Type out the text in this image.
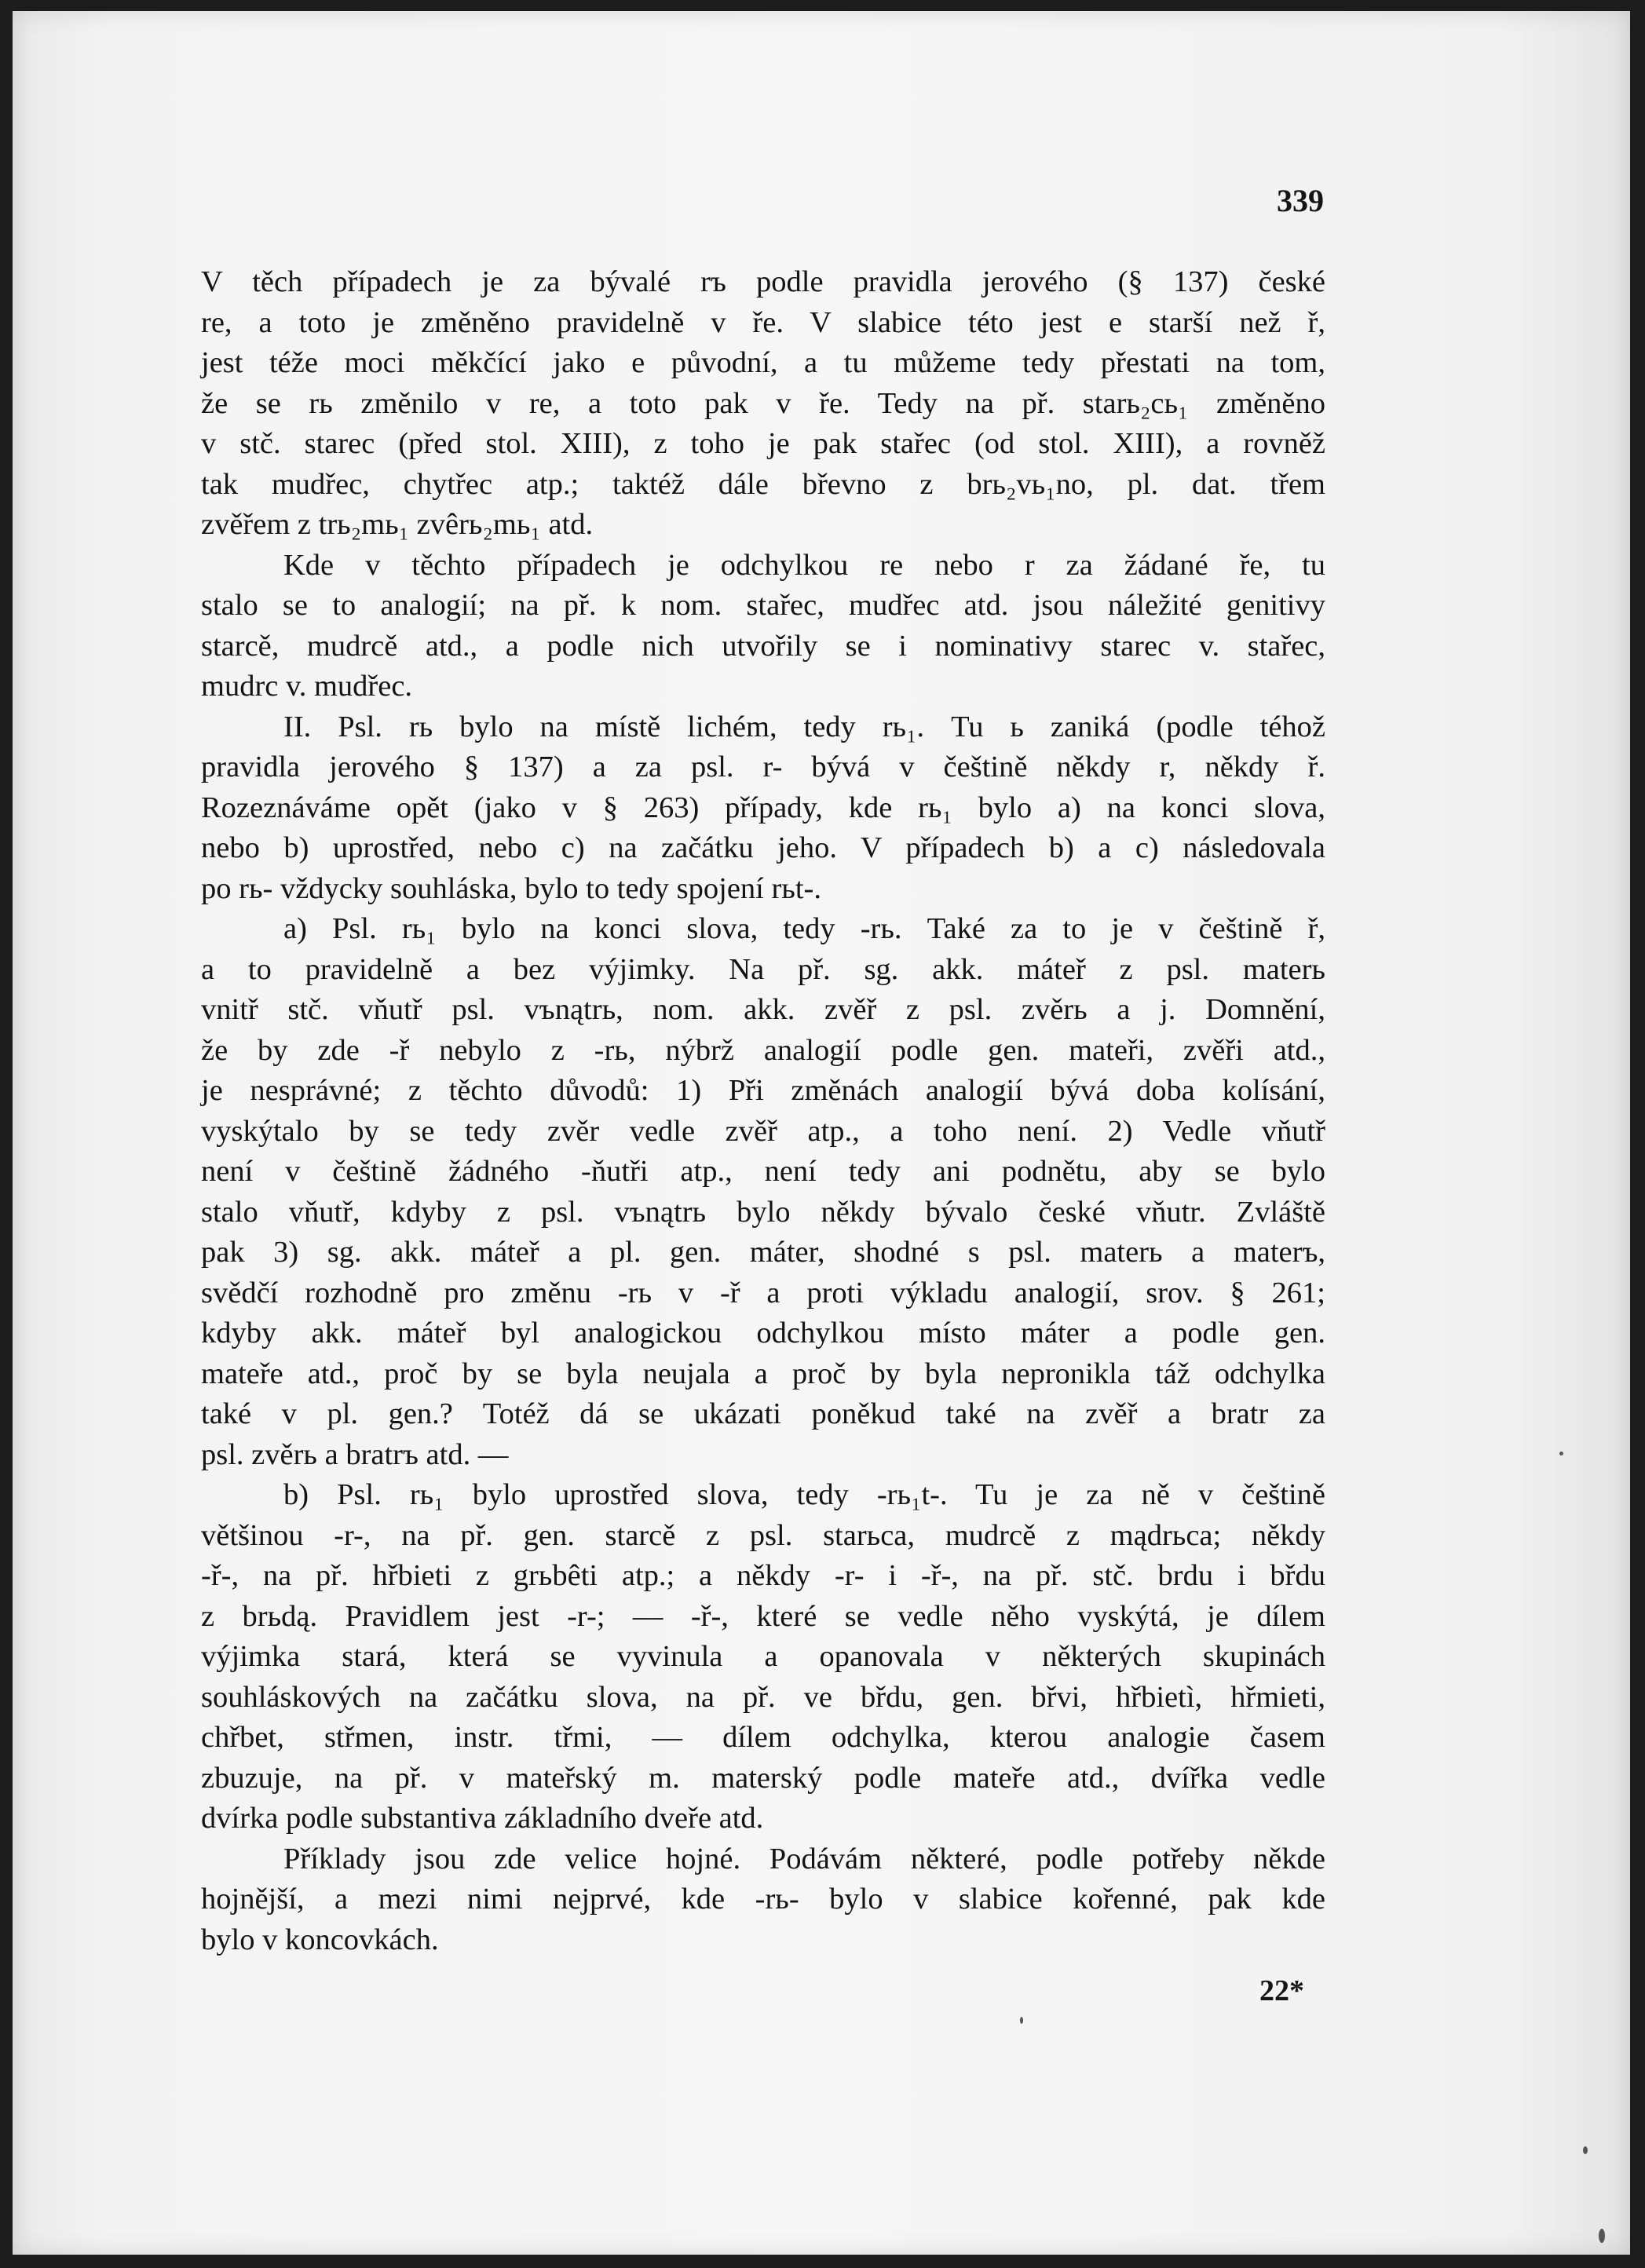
339
V těch případech je za bývalé rъ podle pravidla jerového (§ 137) české
re, a toto je změněno pravidelně v ře. V slabice této jest e starší než ř,
jest téže moci měkčící jako e původní, a tu můžeme tedy přestati na tom,
že se rь změnilo v re, a toto pak v ře. Tedy na př. starь₂cь₁ změněno
v stč. starec (před stol. XIII), z toho je pak stařec (od stol. XIII), a rovněž
tak mudřec, chytřec atp.; taktéž dále břevno z brь₂vь₁no, pl. dat. třem
zvěřem z trь₂mь₁ zvêrь₂mь₁ atd.
Kde v těchto případech je odchylkou re nebo r za žádané ře, tu
stalo se to analogií; na př. k nom. stařec, mudřec atd. jsou náležité genitivy
starcě, mudrcě atd., a podle nich utvořily se i nominativy starec v. stařec,
mudrc v. mudřec.
II. Psl. rь bylo na místě lichém, tedy rь₁. Tu ь zaniká (podle téhož
pravidla jerového § 137) a za psl. r- bývá v češtině někdy r, někdy ř.
Rozeznáváme opět (jako v § 263) případy, kde rь₁ bylo a) na konci slova,
nebo b) uprostřed, nebo c) na začátku jeho. V případech b) a c) následovala
po rь- vždycky souhláska, bylo to tedy spojení rьt-.
a) Psl. rь₁ bylo na konci slova, tedy -rь. Také za to je v češtině ř,
a to pravidelně a bez výjimky. Na př. sg. akk. máteř z psl. materь
vnitř stč. vňutř psl. vъnątrь, nom. akk. zvěř z psl. zvěrь a j. Domnění,
že by zde -ř nebylo z -rь, nýbrž analogií podle gen. mateři, zvěři atd.,
je nesprávné; z těchto důvodů: 1) Při změnách analogií bývá doba kolísání,
vyskýtalo by se tedy zvěr vedle zvěř atp., a toho není. 2) Vedle vňutř
není v češtině žádného -ňutři atp., není tedy ani podnětu, aby se bylo
stalo vňutř, kdyby z psl. vъnątrь bylo někdy bývalo české vňutr. Zvláště
pak 3) sg. akk. máteř a pl. gen. máter, shodné s psl. materь a materъ,
svědčí rozhodně pro změnu -rь v -ř a proti výkladu analogií, srov. § 261;
kdyby akk. máteř byl analogickou odchylkou místo máter a podle gen.
mateře atd., proč by se byla neujala a proč by byla nepronikla táž odchylka
také v pl. gen.? Totéž dá se ukázati poněkud také na zvěř a bratr za
psl. zvěrь a bratrъ atd. —
b) Psl. rь₁ bylo uprostřed slova, tedy -rь₁t-. Tu je za ně v češtině
většinou -r-, na př. gen. starcě z psl. starьca, mudrcě z mądrьca; někdy
-ř-, na př. hřbieti z grьbêti atp.; a někdy -r- i -ř-, na př. stč. brdu i břdu
z brьdą. Pravidlem jest -r-; — -ř-, které se vedle něho vyskýtá, je dílem
výjimka stará, která se vyvinula a opanovala v některých skupinách
souhláskových na začátku slova, na př. ve břdu, gen. břvi, hřbietì, hřmieti,
chřbet, střmen, instr. třmi, — dílem odchylka, kterou analogie časem
zbuzuje, na př. v mateřský m. materský podle mateře atd., dvířka vedle
dvírka podle substantiva základního dveře atd.
Příklady jsou zde velice hojné. Podávám některé, podle potřeby někde
hojnější, a mezi nimi nejprvé, kde -rь- bylo v slabice kořenné, pak kde
bylo v koncovkách.
22*
